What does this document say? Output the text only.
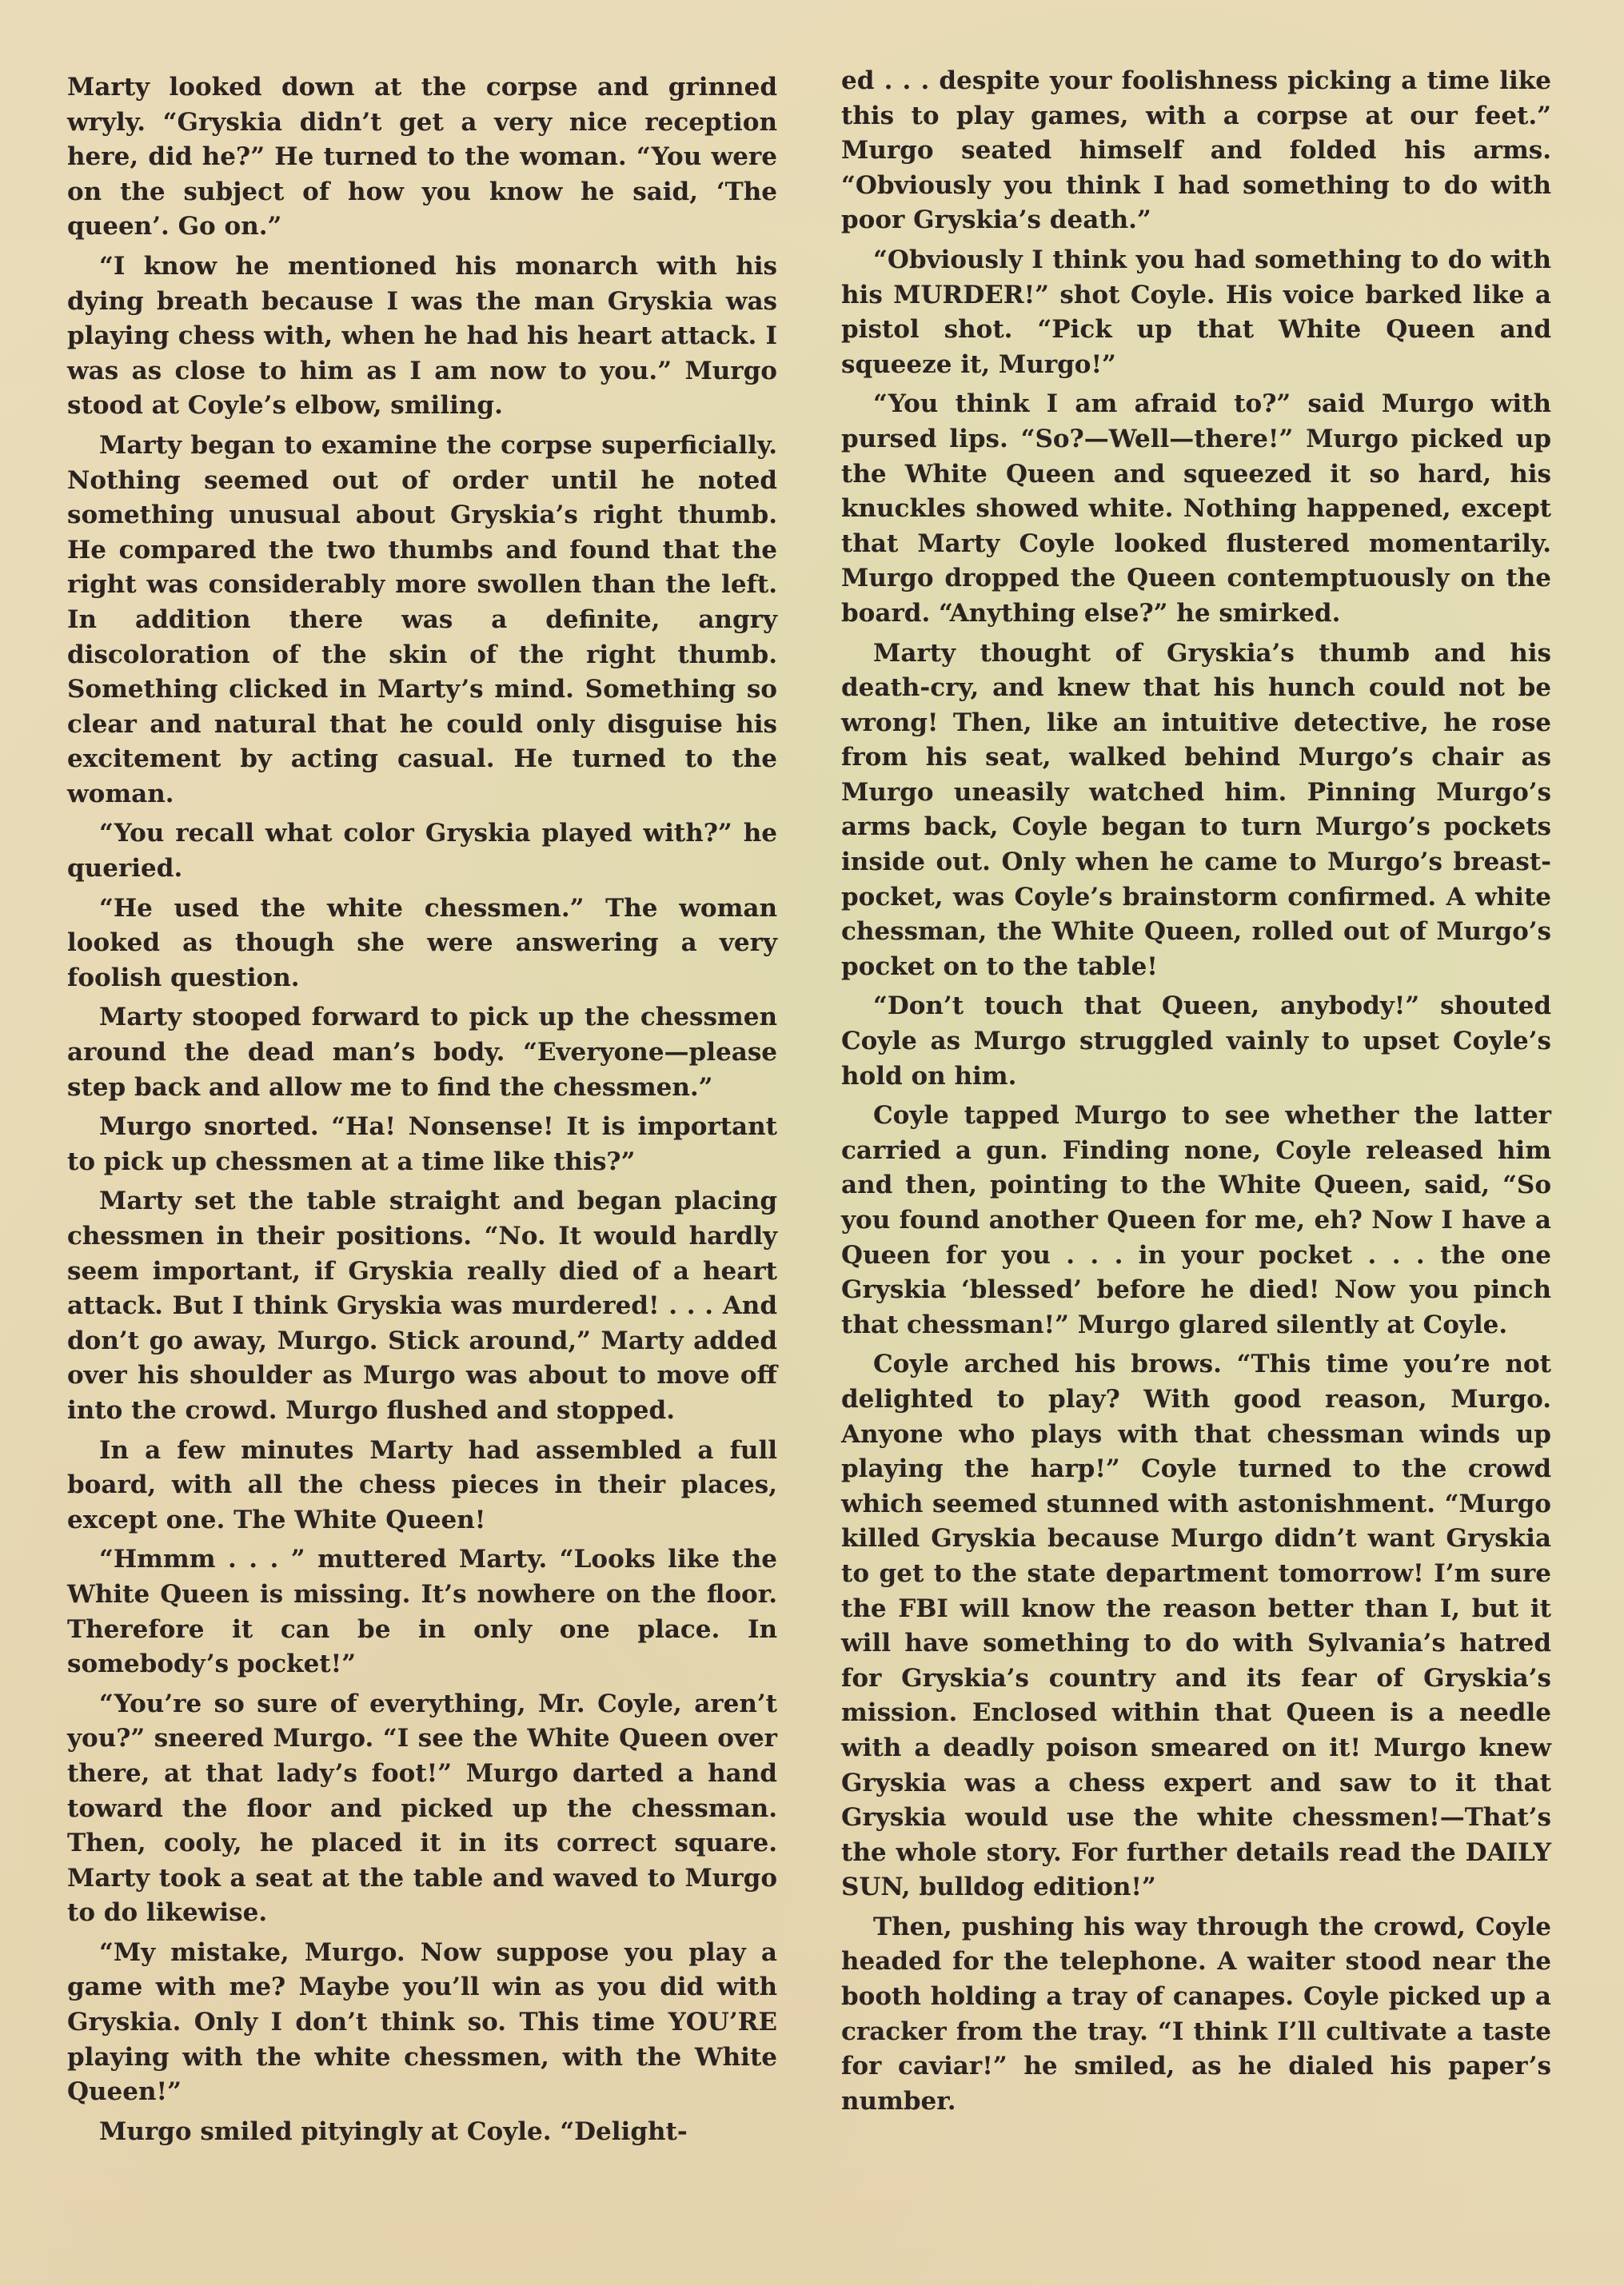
Marty looked down at the corpse and grinned wryly. “Gryskia didn’t get a very nice reception here, did he?” He turned to the woman. “You were on the subject of how you know he said, ‘The queen’. Go on.”

“I know he mentioned his monarch with his dying breath because I was the man Gryskia was playing chess with, when he had his heart attack. I was as close to him as I am now to you.” Murgo stood at Coyle’s elbow, smiling.

Marty began to examine the corpse superficially. Nothing seemed out of order until he noted something unusual about Gryskia’s right thumb. He compared the two thumbs and found that the right was considerably more swollen than the left. In addition there was a definite, angry discoloration of the skin of the right thumb. Something clicked in Marty’s mind. Something so clear and natural that he could only disguise his excitement by acting casual. He turned to the woman.

“You recall what color Gryskia played with?” he queried.

“He used the white chessmen.” The woman looked as though she were answering a very foolish question.

Marty stooped forward to pick up the chessmen around the dead man’s body. “Everyone—please step back and allow me to find the chessmen.”

Murgo snorted. “Ha! Nonsense! It is important to pick up chessmen at a time like this?”

Marty set the table straight and began placing chessmen in their positions. “No. It would hardly seem important, if Gryskia really died of a heart attack. But I think Gryskia was murdered! . . . And don’t go away, Murgo. Stick around,” Marty added over his shoulder as Murgo was about to move off into the crowd. Murgo flushed and stopped.

In a few minutes Marty had assembled a full board, with all the chess pieces in their places, except one. The White Queen!

“Hmmm . . . ” muttered Marty. “Looks like the White Queen is missing. It’s nowhere on the floor. Therefore it can be in only one place. In somebody’s pocket!”

“You’re so sure of everything, Mr. Coyle, aren’t you?” sneered Murgo. “I see the White Queen over there, at that lady’s foot!” Murgo darted a hand toward the floor and picked up the chessman. Then, cooly, he placed it in its correct square. Marty took a seat at the table and waved to Murgo to do likewise.

“My mistake, Murgo. Now suppose you play a game with me? Maybe you’ll win as you did with Gryskia. Only I don’t think so. This time YOU’RE playing with the white chessmen, with the White Queen!”

Murgo smiled pityingly at Coyle. “Delight-

ed . . . despite your foolishness picking a time like this to play games, with a corpse at our feet.” Murgo seated himself and folded his arms. “Obviously you think I had something to do with poor Gryskia’s death.”

“Obviously I think you had something to do with his MURDER!” shot Coyle. His voice barked like a pistol shot. “Pick up that White Queen and squeeze it, Murgo!”

“You think I am afraid to?” said Murgo with pursed lips. “So?—Well—there!” Murgo picked up the White Queen and squeezed it so hard, his knuckles showed white. Nothing happened, except that Marty Coyle looked flustered momentarily. Murgo dropped the Queen contemptuously on the board. “Anything else?” he smirked.

Marty thought of Gryskia’s thumb and his death-cry, and knew that his hunch could not be wrong! Then, like an intuitive detective, he rose from his seat, walked behind Murgo’s chair as Murgo uneasily watched him. Pinning Murgo’s arms back, Coyle began to turn Murgo’s pockets inside out. Only when he came to Murgo’s breast-pocket, was Coyle’s brainstorm confirmed. A white chessman, the White Queen, rolled out of Murgo’s pocket on to the table!

“Don’t touch that Queen, anybody!” shouted Coyle as Murgo struggled vainly to upset Coyle’s hold on him.

Coyle tapped Murgo to see whether the latter carried a gun. Finding none, Coyle released him and then, pointing to the White Queen, said, “So you found another Queen for me, eh? Now I have a Queen for you . . . in your pocket . . . the one Gryskia ‘blessed’ before he died! Now you pinch that chessman!” Murgo glared silently at Coyle.

Coyle arched his brows. “This time you’re not delighted to play? With good reason, Murgo. Anyone who plays with that chessman winds up playing the harp!” Coyle turned to the crowd which seemed stunned with astonishment. “Murgo killed Gryskia because Murgo didn’t want Gryskia to get to the state department tomorrow! I’m sure the FBI will know the reason better than I, but it will have something to do with Sylvania’s hatred for Gryskia’s country and its fear of Gryskia’s mission. Enclosed within that Queen is a needle with a deadly poison smeared on it! Murgo knew Gryskia was a chess expert and saw to it that Gryskia would use the white chessmen!—That’s the whole story. For further details read the DAILY SUN, bulldog edition!”

Then, pushing his way through the crowd, Coyle headed for the telephone. A waiter stood near the booth holding a tray of canapes. Coyle picked up a cracker from the tray. “I think I’ll cultivate a taste for caviar!” he smiled, as he dialed his paper’s number.
